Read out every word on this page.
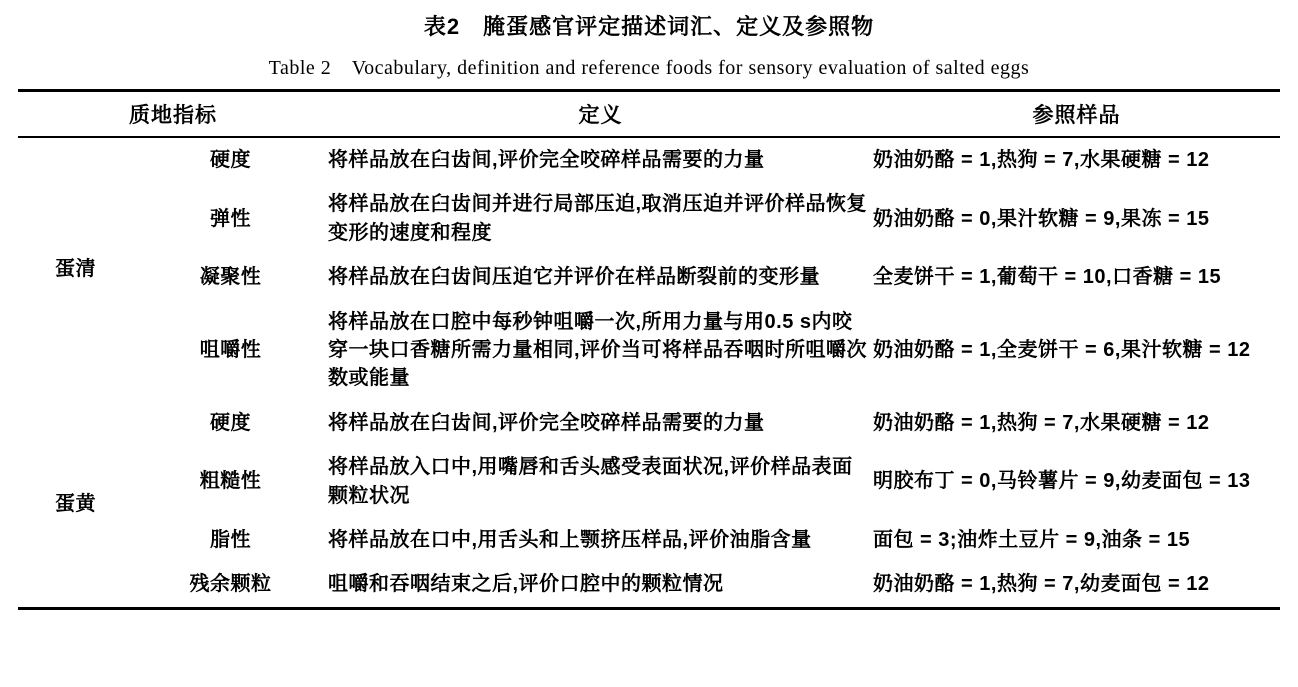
表2　腌蛋感官评定描述词汇、定义及参照物
Table 2　Vocabulary, definition and reference foods for sensory evaluation of salted eggs
质地指标		定义	参照样品
蛋清	硬度	将样品放在臼齿间,评价完全咬碎样品需要的力量	奶油奶酪 = 1,热狗 = 7,水果硬糖 = 12
	弹性	将样品放在臼齿间并进行局部压迫,取消压迫并评价样品恢复变形的速度和程度	奶油奶酪 = 0,果汁软糖 = 9,果冻 = 15
	凝聚性	将样品放在臼齿间压迫它并评价在样品断裂前的变形量	全麦饼干 = 1,葡萄干 = 10,口香糖 = 15
	咀嚼性	将样品放在口腔中每秒钟咀嚼一次,所用力量与用0.5 s内咬穿一块口香糖所需力量相同,评价当可将样品吞咽时所咀嚼次数或能量	奶油奶酪 = 1,全麦饼干 = 6,果汁软糖 = 12
蛋黄	硬度	将样品放在臼齿间,评价完全咬碎样品需要的力量	奶油奶酪 = 1,热狗 = 7,水果硬糖 = 12
	粗糙性	将样品放入口中,用嘴唇和舌头感受表面状况,评价样品表面颗粒状况	明胶布丁 = 0,马铃薯片 = 9,幼麦面包 = 13
	脂性	将样品放在口中,用舌头和上颚挤压样品,评价油脂含量	面包 = 3;油炸土豆片 = 9,油条 = 15
	残余颗粒	咀嚼和吞咽结束之后,评价口腔中的颗粒情况	奶油奶酪 = 1,热狗 = 7,幼麦面包 = 12
